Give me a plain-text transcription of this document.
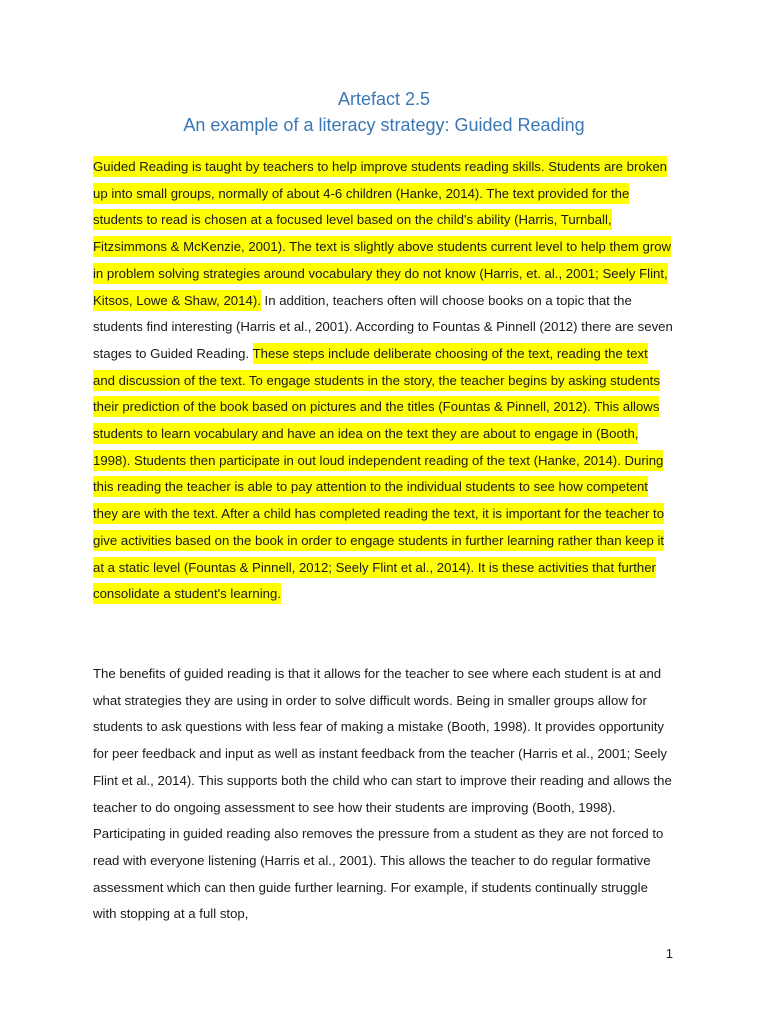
Artefact 2.5
An example of a literacy strategy: Guided Reading
Guided Reading is taught by teachers to help improve students reading skills. Students are broken up into small groups, normally of about 4-6 children (Hanke, 2014). The text provided for the students to read is chosen at a focused level based on the child's ability (Harris, Turnball, Fitzsimmons & McKenzie, 2001). The text is slightly above students current level to help them grow in problem solving strategies around vocabulary they do not know (Harris, et. al., 2001; Seely Flint, Kitsos, Lowe & Shaw, 2014). In addition, teachers often will choose books on a topic that the students find interesting (Harris et al., 2001). According to Fountas & Pinnell (2012) there are seven stages to Guided Reading. These steps include deliberate choosing of the text, reading the text and discussion of the text. To engage students in the story, the teacher begins by asking students their prediction of the book based on pictures and the titles (Fountas & Pinnell, 2012). This allows students to learn vocabulary and have an idea on the text they are about to engage in (Booth, 1998). Students then participate in out loud independent reading of the text (Hanke, 2014). During this reading the teacher is able to pay attention to the individual students to see how competent they are with the text. After a child has completed reading the text, it is important for the teacher to give activities based on the book in order to engage students in further learning rather than keep it at a static level (Fountas & Pinnell, 2012; Seely Flint et al., 2014). It is these activities that further consolidate a student's learning.
The benefits of guided reading is that it allows for the teacher to see where each student is at and what strategies they are using in order to solve difficult words. Being in smaller groups allow for students to ask questions with less fear of making a mistake (Booth, 1998). It provides opportunity for peer feedback and input as well as instant feedback from the teacher (Harris et al., 2001; Seely Flint et al., 2014). This supports both the child who can start to improve their reading and allows the teacher to do ongoing assessment to see how their students are improving (Booth, 1998). Participating in guided reading also removes the pressure from a student as they are not forced to read with everyone listening (Harris et al., 2001). This allows the teacher to do regular formative assessment which can then guide further learning. For example, if students continually struggle with stopping at a full stop,
1
